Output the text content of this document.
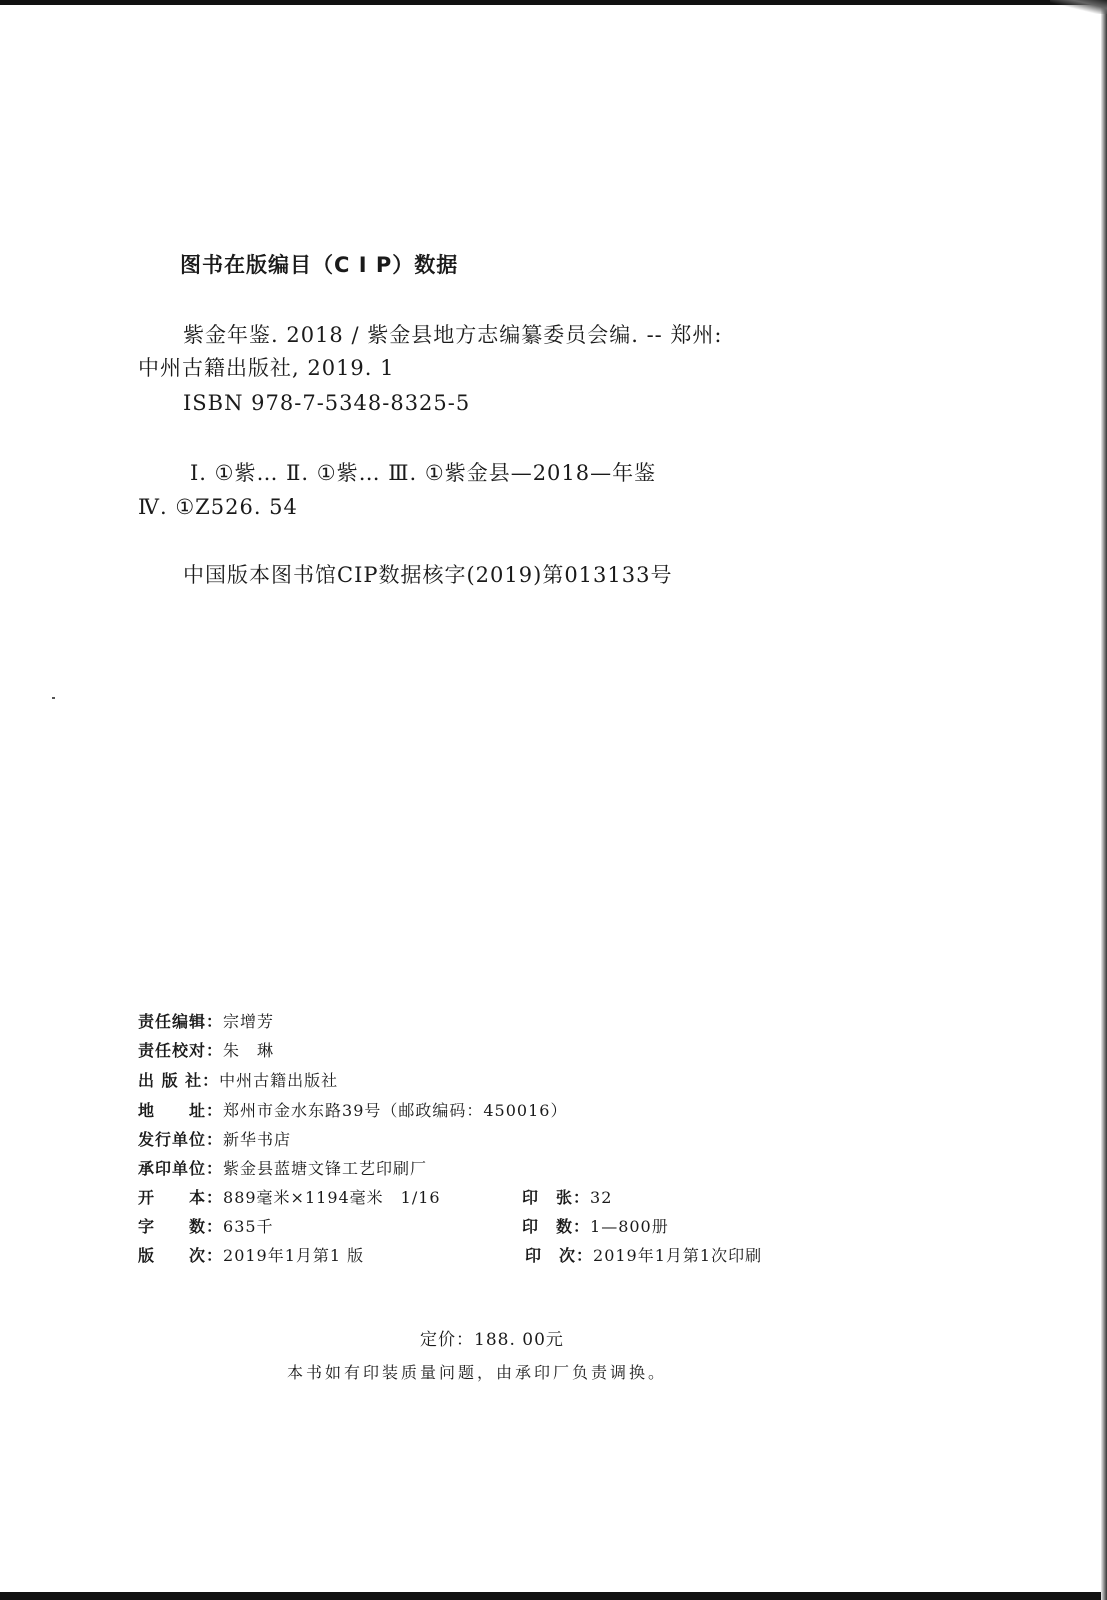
图书在版编目（C I P）数据
紫金年鉴. 2018 / 紫金县地方志编纂委员会编. -- 郑州:
中州古籍出版社, 2019. 1
ISBN 978-7-5348-8325-5
Ⅰ. ①紫… Ⅱ. ①紫… Ⅲ. ①紫金县—2018—年鉴
Ⅳ. ①Z526. 54
中国版本图书馆CIP数据核字(2019)第013133号
责任编辑：宗增芳
责任校对：朱　琳
出 版 社：中州古籍出版社
地　　址：郑州市金水东路39号（邮政编码：450016）
发行单位：新华书店
承印单位：紫金县蓝塘文锋工艺印刷厂
开　　本：889毫米×1194毫米　1/16
字　　数：635千
版　　次：2019年1月第1 版
印　张：32
印　数：1—800册
印　次：2019年1月第1次印刷
定价：188. 00元
本书如有印装质量问题，由承印厂负责调换。
